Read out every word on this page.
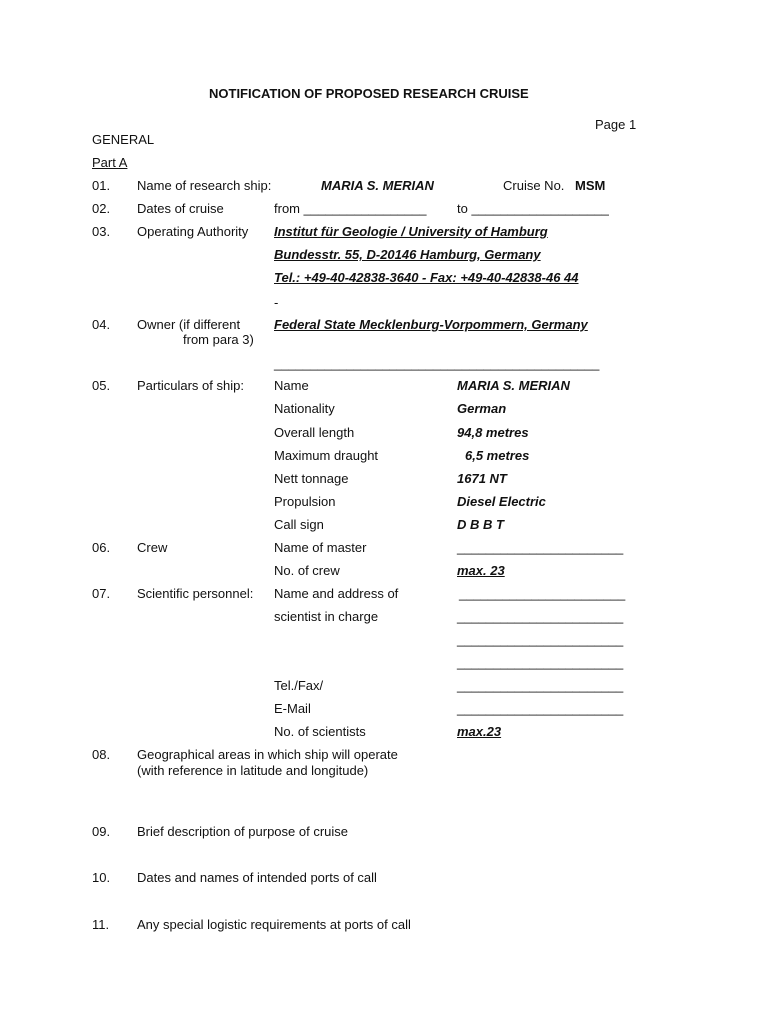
NOTIFICATION OF PROPOSED RESEARCH CRUISE
Page 1
GENERAL
Part A
01. Name of research ship:	MARIA S. MERIAN	Cruise No. MSM
02. Dates of cruise	from _________________ to ___________________
03. Operating Authority Institut für Geologie / University of Hamburg
Bundesstr. 55, D-20146 Hamburg, Germany
Tel.: +49-40-42838-3640 - Fax: +49-40-42838-46 44
-
04. Owner (if different
from para 3)
Federal State Mecklenburg-Vorpommern, Germany
_____________________________________________
05. Particulars of ship: Name	MARIA S. MERIAN
Nationality	German
Overall length	94,8 metres
Maximum draught	6,5 metres
Nett tonnage	1671 NT
Propulsion	Diesel Electric
Call sign	D B B T
06. Crew	Name of master	_______________________
No. of crew	max. 23
07. Scientific personnel: Name and address of	_______________________
scientist in charge	_______________________
_______________________
_______________________
Tel./Fax/	_______________________
E-Mail	_______________________
No. of scientists	max.23
08. Geographical areas in which ship will operate
(with reference in latitude and longitude)
09. Brief description of purpose of cruise
10. Dates and names of intended ports of call
11. Any special logistic requirements at ports of call
